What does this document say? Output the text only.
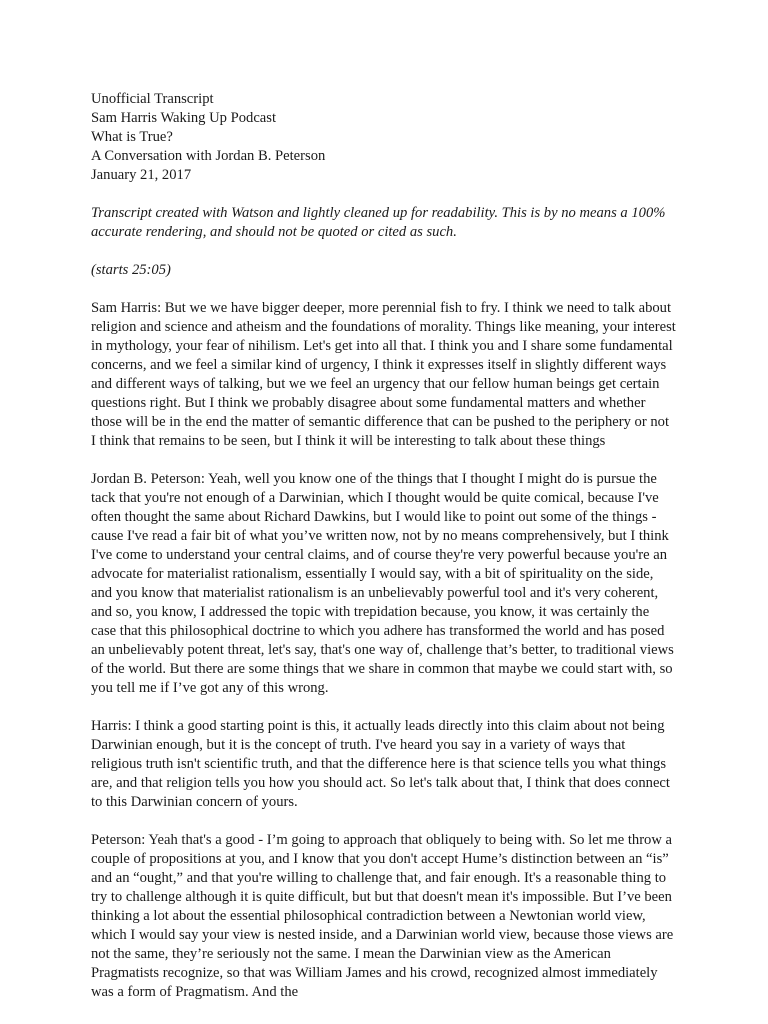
Unofficial Transcript
Sam Harris Waking Up Podcast
What is True?
A Conversation with Jordan B. Peterson
January 21, 2017

Transcript created with Watson and lightly cleaned up for readability. This is by no means a 100% accurate rendering, and should not be quoted or cited as such.

(starts 25:05)

Sam Harris: But we we have bigger deeper, more perennial fish to fry. I think we need to talk about religion and science and atheism and the foundations of morality. Things like meaning, your interest in mythology, your fear of nihilism. Let's get into all that. I think you and I share some fundamental concerns, and we feel a similar kind of urgency, I think it expresses itself in slightly different ways and different ways of talking, but we we feel an urgency that our fellow human beings get certain questions right. But I think we probably disagree about some fundamental matters and whether those will be in the end the matter of semantic difference that can be pushed to the periphery or not I think that remains to be seen, but I think it will be interesting to talk about these things

Jordan B. Peterson: Yeah, well you know one of the things that I thought I might do is pursue the tack that you're not enough of a Darwinian, which I thought would be quite comical, because I've often thought the same about Richard Dawkins, but I would like to point out some of the things - cause I've read a fair bit of what you’ve written now, not by no means comprehensively, but I think I've come to understand your central claims, and of course they're very powerful because you're an advocate for materialist rationalism, essentially I would say, with a bit of spirituality on the side, and you know that materialist rationalism is an unbelievably powerful tool and it's very coherent, and so, you know, I addressed the topic with trepidation because, you know, it was certainly the case that this philosophical doctrine to which you adhere has transformed the world and has posed an unbelievably potent threat, let's say, that's one way of, challenge that’s better, to traditional views of the world. But there are some things that we share in common that maybe we could start with, so you tell me if I’ve got any of this wrong.

Harris: I think a good starting point is this, it actually leads directly into this claim about not being Darwinian enough, but it is the concept of truth. I've heard you say in a variety of ways that religious truth isn't scientific truth, and that the difference here is that science tells you what things are, and that religion tells you how you should act. So let's talk about that, I think that does connect to this Darwinian concern of yours.

Peterson: Yeah that's a good - I’m going to approach that obliquely to being with. So let me throw a couple of propositions at you, and I know that you don't accept Hume’s distinction between an “is” and an “ought,” and that you're willing to challenge that, and fair enough. It's a reasonable thing to try to challenge although it is quite difficult, but but that doesn't mean it's impossible. But I’ve been thinking a lot about the essential philosophical contradiction between a Newtonian world view, which I would say your view is nested inside, and a Darwinian world view, because those views are not the same, they’re seriously not the same. I mean the Darwinian view as the American Pragmatists recognize, so that was William James and his crowd, recognized almost immediately was a form of Pragmatism. And the
